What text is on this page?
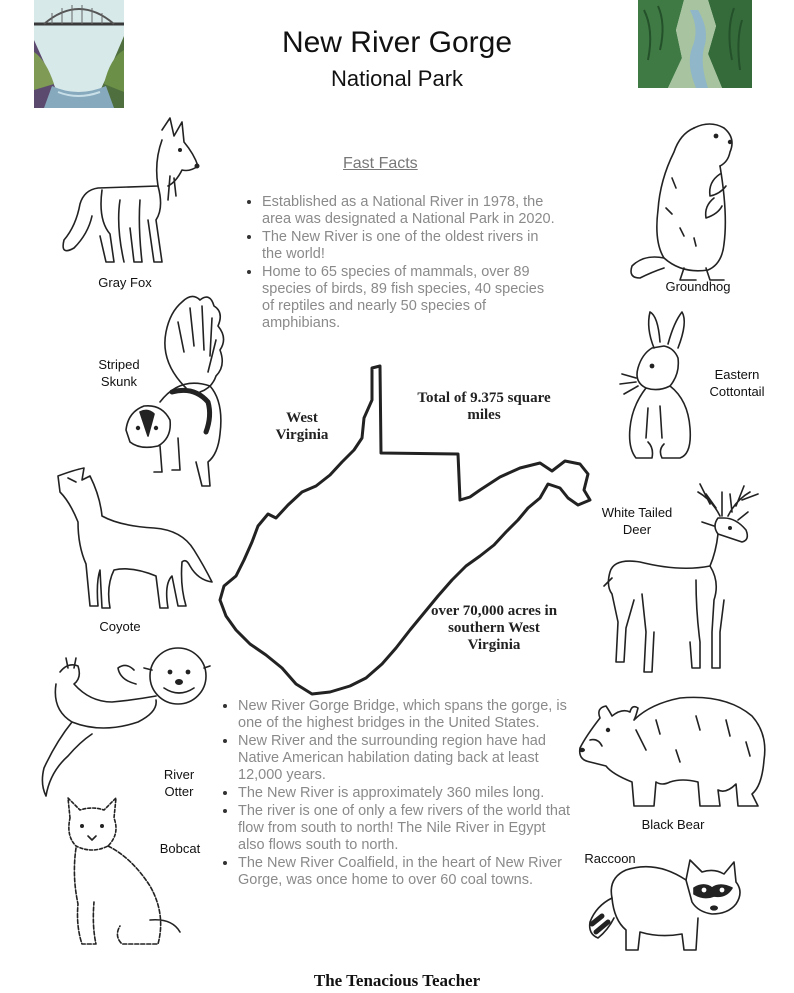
New River Gorge
National Park
Fast Facts
• Established as a National River in 1978, the area was designated a National Park in 2020.
• The New River is one of the oldest rivers in the world!
• Home to 65 species of mammals, over 89 species of birds, 89 fish species, 40 species of reptiles and nearly 50 species of amphibians.
West Virginia
Total of 9.375 square miles
over 70,000 acres in southern West Virginia
• New River Gorge Bridge, which spans the gorge, is one of the highest bridges in the United States.
• New River and the surrounding region have had Native American habilation dating back at least 12,000 years.
• The New River is approximately 360 miles long.
• The river is one of only a few rivers of the world that flow from south to north! The Nile River in Egypt also flows south to north.
• The New River Coalfield, in the heart of New River Gorge, was once home to over 60 coal towns.
Gray Fox
Striped Skunk
Coyote
River Otter
Bobcat
Groundhog
Eastern Cottontail
White Tailed Deer
Black Bear
Raccoon
The Tenacious Teacher
